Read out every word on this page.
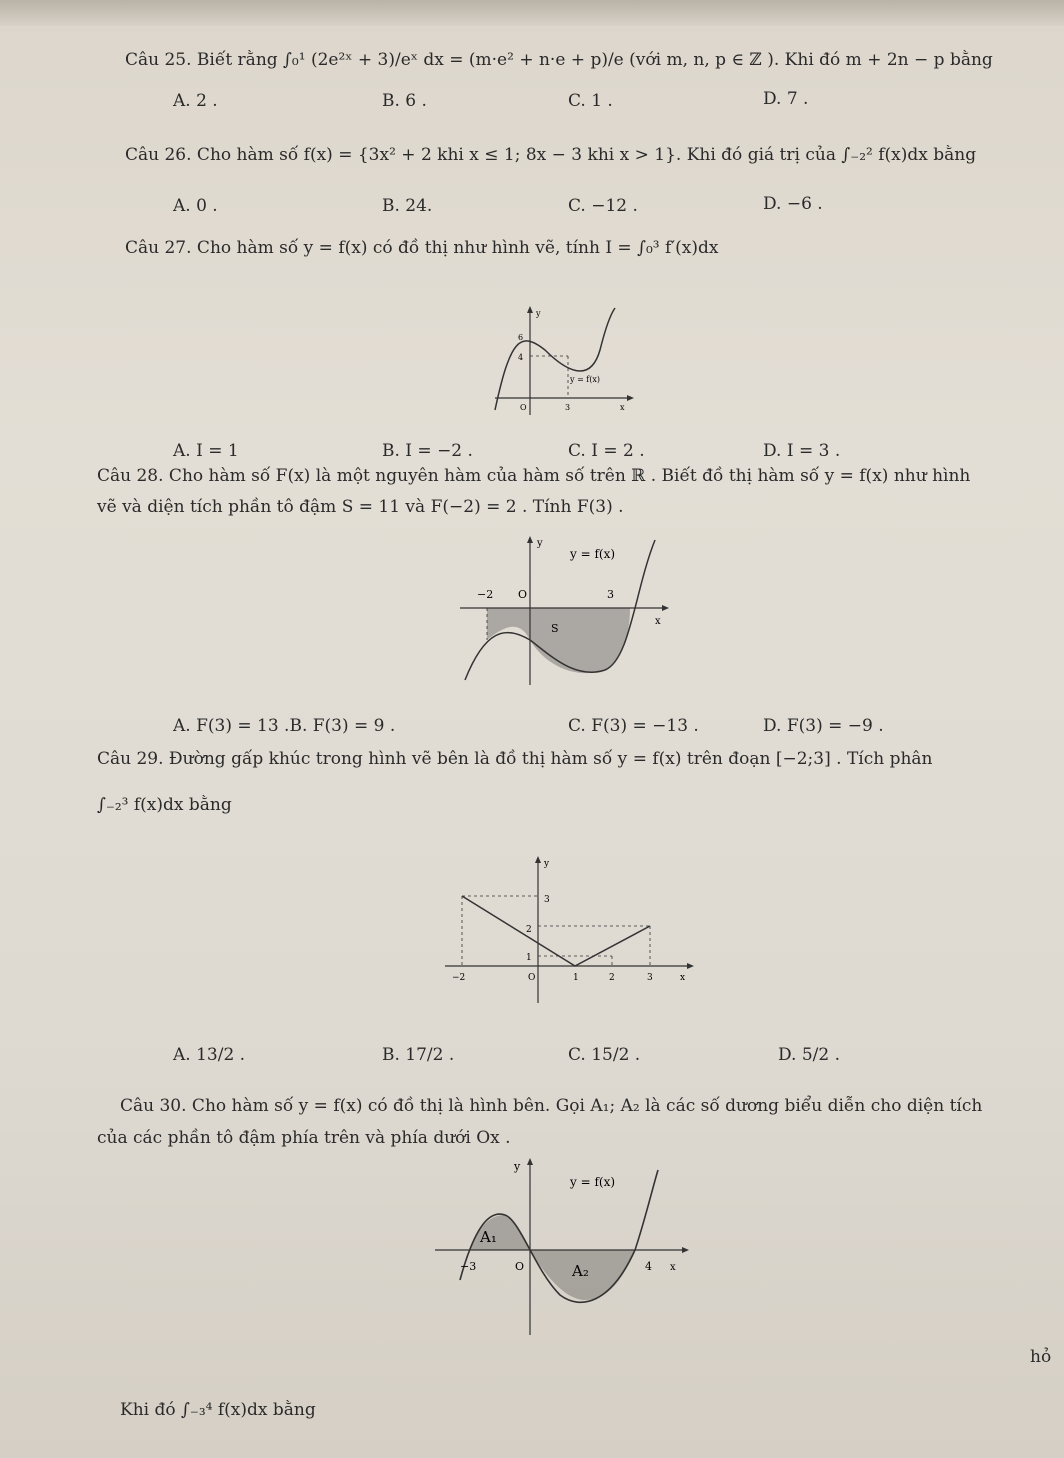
Câu 25. Biết rằng ∫₀¹ (2e²ˣ + 3)/eˣ dx = (m·e² + n·e + p)/e (với m, n, p ∈ ℤ ). Khi đó m + 2n − p bằng
A. 2 .	B. 6 .	C. 1 .	D. 7 .
Câu 26. Cho hàm số f(x) = {3x² + 2 khi x ≤ 1; 8x − 3 khi x > 1}. Khi đó giá trị của ∫₋₂² f(x)dx bằng
A. 0 .	B. 24.	C. −12 .	D. −6 .
Câu 27. Cho hàm số y = f(x) có đồ thị như hình vẽ, tính I = ∫₀³ f′(x)dx
6
4
y = f(x)
O	3	x
y
A. I = 1	B. I = −2 .	C. I = 2 .	D. I = 3 .
Câu 28. Cho hàm số F(x) là một nguyên hàm của hàm số trên ℝ . Biết đồ thị hàm số y = f(x) như hình
vẽ và diện tích phần tô đậm S = 11 và F(−2) = 2 . Tính F(3) .
y
y = f(x)
−2 O	3
x
S
A. F(3) = 13 .B. F(3) = 9 .	C. F(3) = −13 .	D. F(3) = −9 .
Câu 29. Đường gấp khúc trong hình vẽ bên là đồ thị hàm số y = f(x) trên đoạn [−2;3] . Tích phân
∫₋₂³ f(x)dx bằng
y
3
2
1
−2	O	1	2	3	x
A. 13/2 .	B. 17/2 .	C. 15/2 .	D. 5/2 .
Câu 30. Cho hàm số y = f(x) có đồ thị là hình bên. Gọi A₁; A₂ là các số dương biểu diễn cho diện tích
của các phần tô đậm phía trên và phía dưới Ox .
y
y = f(x)
A₁
−3	O	A₂	4 x
hỏ
Khi đó ∫₋₃⁴ f(x)dx bằng
